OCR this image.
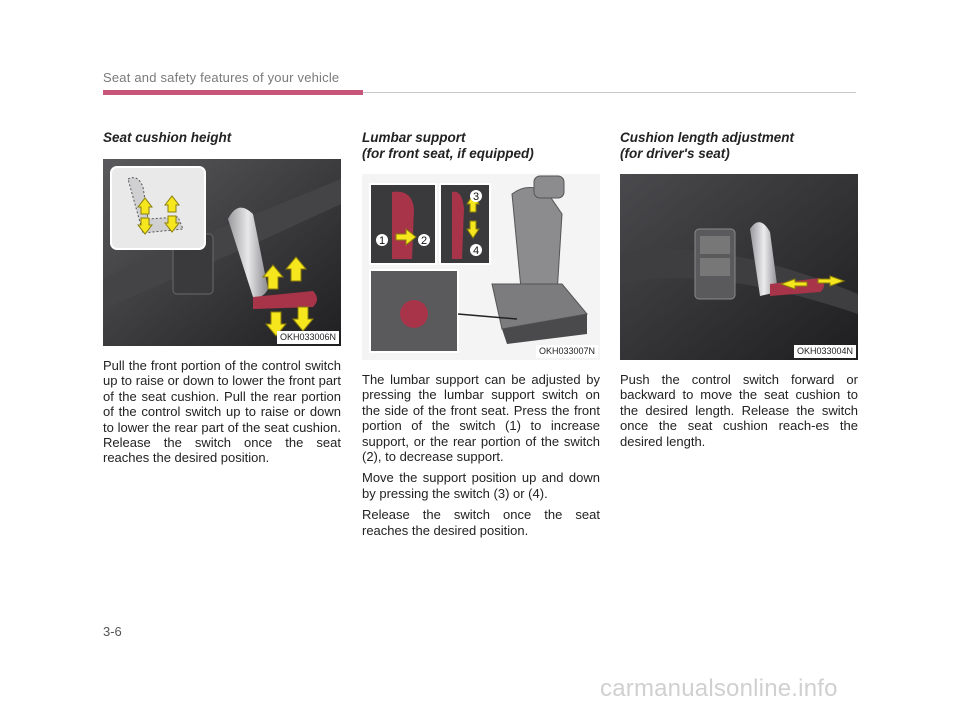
Seat and safety features of your vehicle
Seat cushion height
OKH033006N

Pull the front portion of the control switch up to raise or down to lower the front part of the seat cushion. Pull the rear portion of the control switch up to raise or down to lower the rear part of the seat cushion. Release the switch once the seat reaches the desired position.

Lumbar support
(for front seat, if equipped)
1	2
3
4
OKH033007N

The lumbar support can be adjusted by pressing the lumbar support switch on the side of the front seat. Press the front portion of the switch (1) to increase support, or the rear portion of the switch (2), to decrease support.

Move the support position up and down by pressing the switch (3) or (4).

Release the switch once the seat reaches the desired position.

Cushion length adjustment
(for driver's seat)
OKH033004N

Push the control switch forward or backward to move the seat cushion to the desired length. Release the switch once the seat cushion reach-es the desired length.

3-6
carmanualsonline.info
